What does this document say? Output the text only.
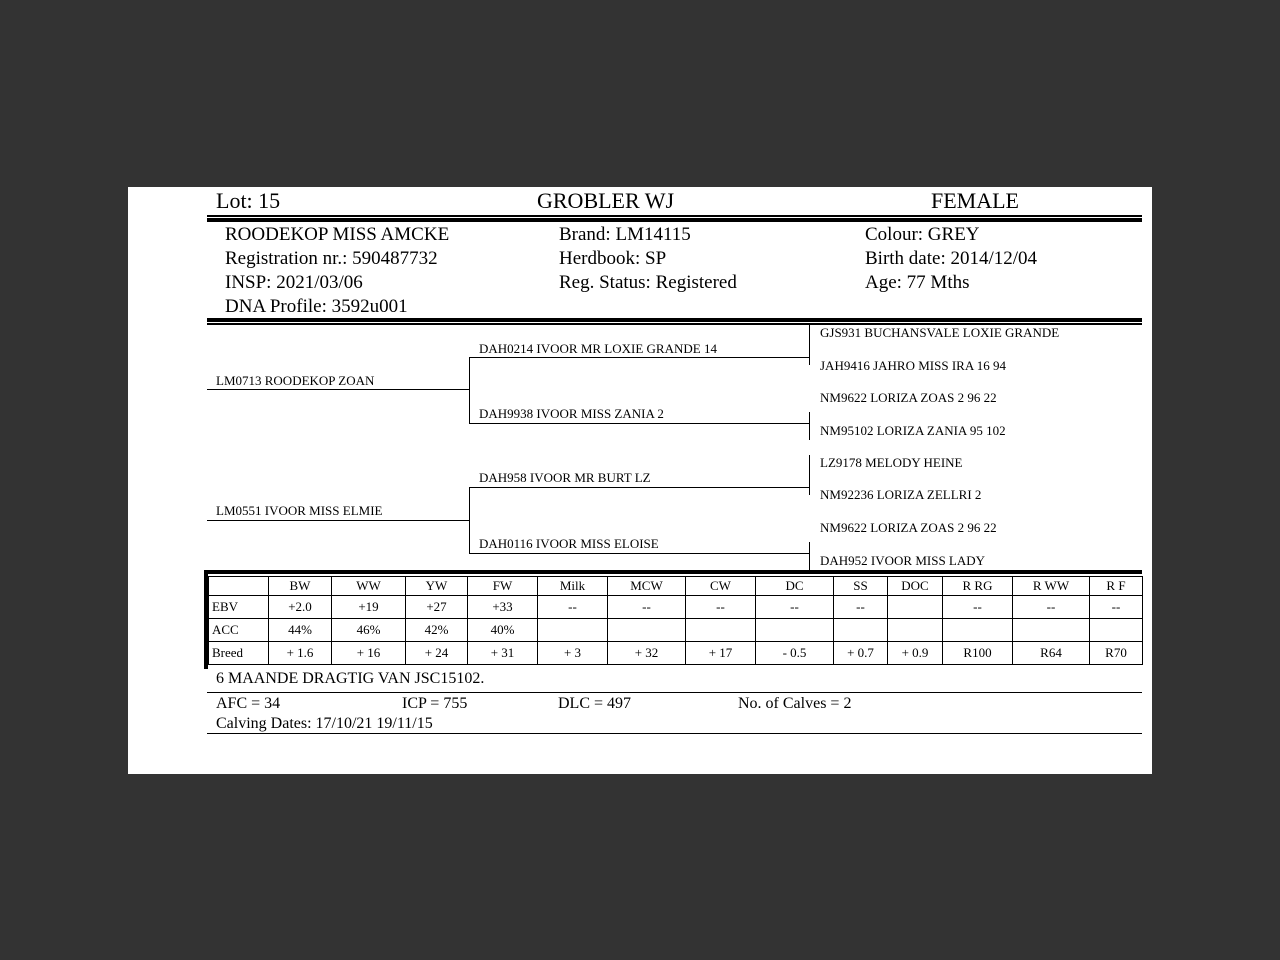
Lot: 15	GROBLER WJ	FEMALE
ROODEKOP MISS AMCKE
Registration nr.: 590487732
INSP: 2021/03/06
DNA Profile: 3592u001
Brand: LM14115
Herdbook: SP
Reg. Status: Registered
Colour: GREY
Birth date: 2014/12/04
Age: 77 Mths
LM0713 ROODEKOP ZOAN
LM0551 IVOOR MISS ELMIE
DAH0214 IVOOR MR LOXIE GRANDE 14
DAH9938 IVOOR MISS ZANIA 2
DAH958 IVOOR MR BURT LZ
DAH0116 IVOOR MISS ELOISE
GJS931 BUCHANSVALE LOXIE GRANDE
JAH9416 JAHRO MISS IRA 16 94
NM9622 LORIZA ZOAS 2 96 22
NM95102 LORIZA ZANIA 95 102
LZ9178 MELODY HEINE
NM92236 LORIZA ZELLRI 2
NM9622 LORIZA ZOAS 2 96 22
DAH952 IVOOR MISS LADY
	BW	WW	YW	FW	Milk	MCW	CW	DC	SS	DOC	R RG	R WW	R F
EBV	+2.0	+19	+27	+33	--	--	--	--	--		--	--	--
ACC	44%	46%	42%	40%									
Breed	+ 1.6	+ 16	+ 24	+ 31	+ 3	+ 32	+ 17	- 0.5	+ 0.7	+ 0.9	R100	R64	R70
6 MAANDE DRAGTIG VAN JSC15102.
AFC = 34	ICP = 755	DLC = 497	No. of Calves = 2
Calving Dates: 17/10/21 19/11/15
